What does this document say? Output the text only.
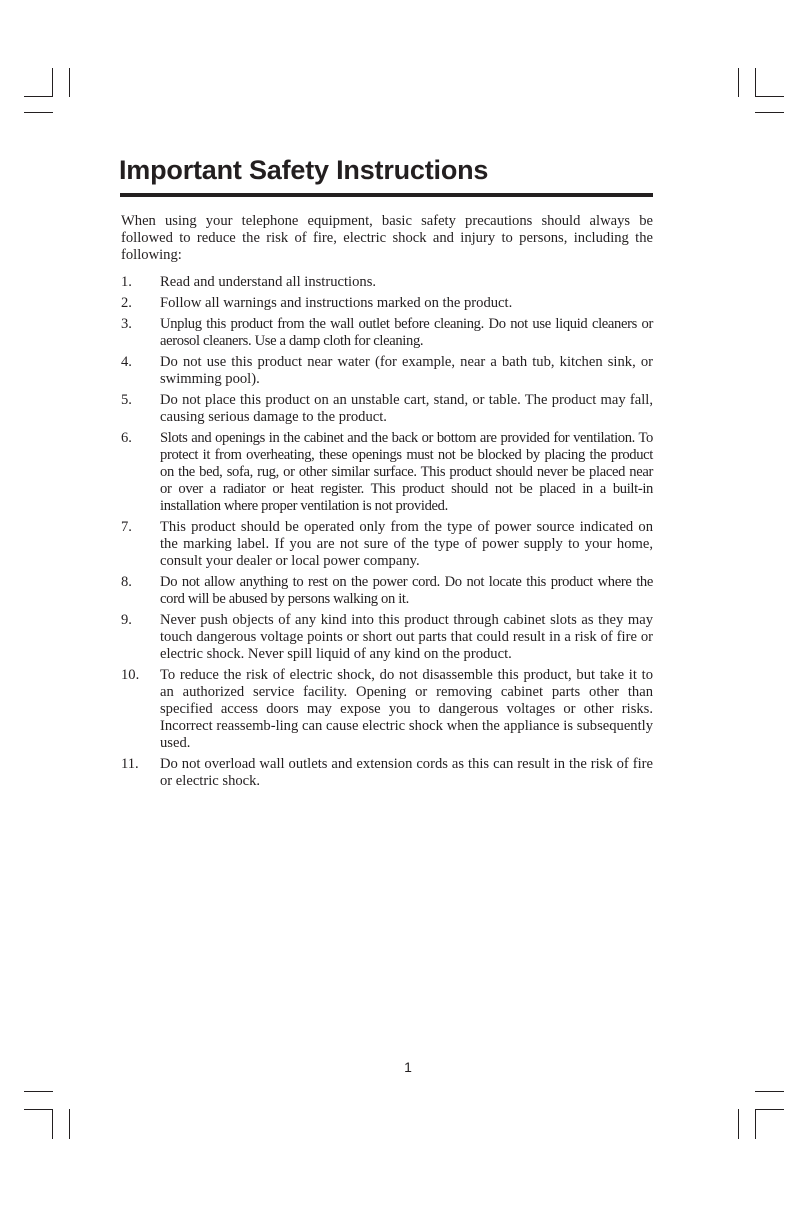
Important Safety Instructions

When using your telephone equipment, basic safety precautions should always be followed to reduce the risk of fire, electric shock and injury to persons, including the following:

1.	Read and understand all instructions.
2.	Follow all warnings and instructions marked on the product.
3.	Unplug this product from the wall outlet before cleaning. Do not use liquid cleaners or aerosol cleaners. Use a damp cloth for cleaning.
4.	Do not use this product near water (for example, near a bath tub, kitchen sink, or swimming pool).
5.	Do not place this product on an unstable cart, stand, or table. The product may fall, causing serious damage to the product.
6.	Slots and openings in the cabinet and the back or bottom are provided for ventilation. To protect it from overheating, these openings must not be blocked by placing the product on the bed, sofa, rug, or other similar surface. This product should never be placed near or over a radiator or heat register. This product should not be placed in a built-in installation where proper ventilation is not provided.
7.	This product should be operated only from the type of power source indicated on the marking label. If you are not sure of the type of power supply to your home, consult your dealer or local power company.
8.	Do not allow anything to rest on the power cord. Do not locate this product where the cord will be abused by persons walking on it.
9.	Never push objects of any kind into this product through cabinet slots as they may touch dangerous voltage points or short out parts that could result in a risk of fire or electric shock. Never spill liquid of any kind on the product.
10.	To reduce the risk of electric shock, do not disassemble this product, but take it to an authorized service facility. Opening or removing cabinet parts other than specified access doors may expose you to dangerous voltages or other risks. Incorrect reassemb-ling can cause electric shock when the appliance is subsequently used.
11.	Do not overload wall outlets and extension cords as this can result in the risk of fire or electric shock.
1
